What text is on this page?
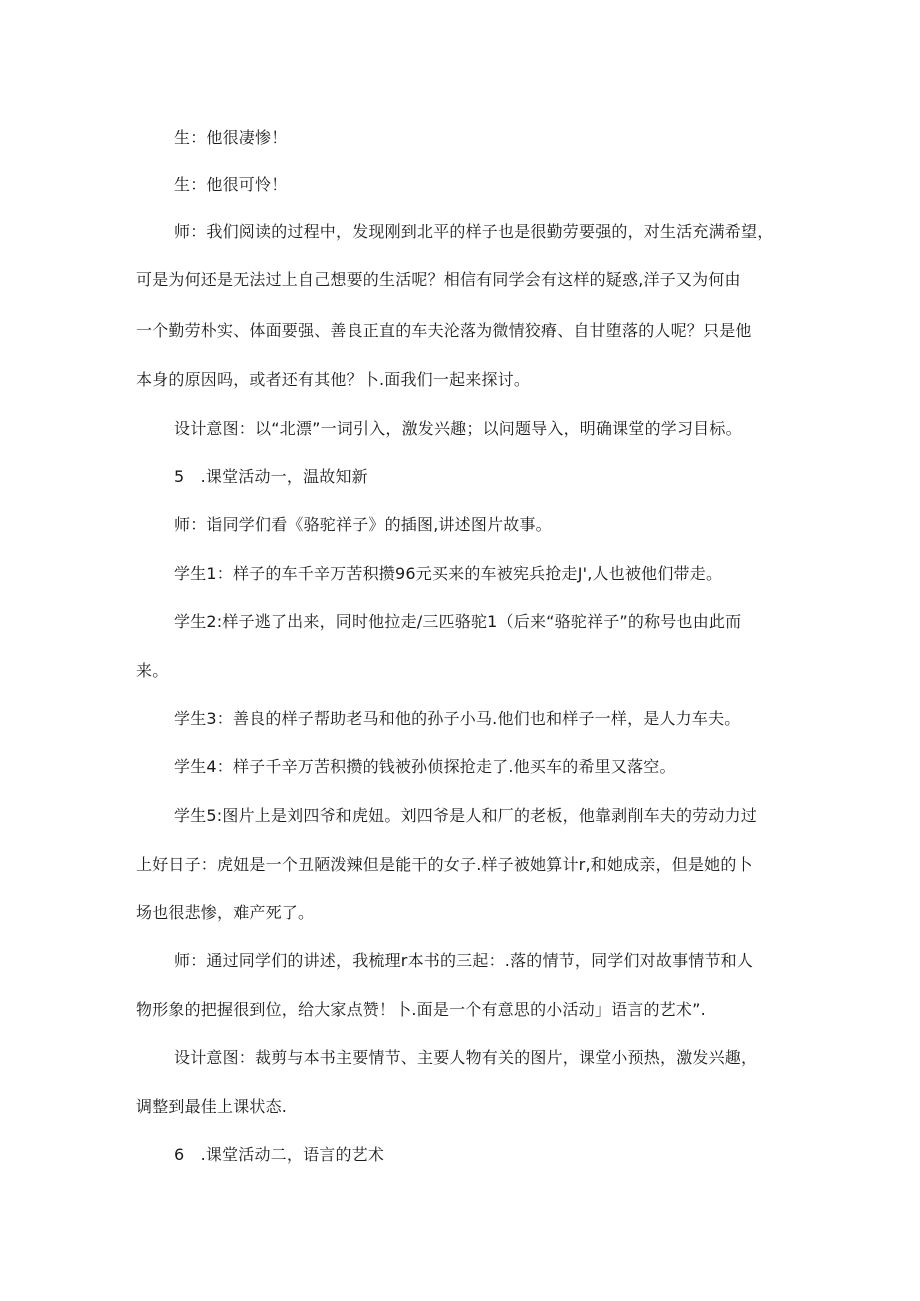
生：他很凄惨！
生：他很可怜！
师：我们阅读的过程中，发现刚到北平的样子也是很勤劳要强的，对生活充满希望，
可是为何还是无法过上自己想要的生活呢？相信有同学会有这样的疑惑,洋子又为何由
一个勤劳朴实、体面要强、善良正直的车夫沦落为微情狡瘠、自甘堕落的人呢？只是他
本身的原因吗，或者还有其他？卜.面我们一起来探讨。
设计意图：以“北漂”一词引入，激发兴趣；以问题导入，明确课堂的学习目标。
5　.课堂活动一，温故知新
师：诣同学们看《骆驼祥子》的插图,讲述图片故事。
学生1：样子的车千辛万苦积攒96元买来的车被宪兵抢走J',人也被他们带走。
学生2:样子逃了出来，同时他拉走/三匹骆驼1（后来“骆驼祥子”的称号也由此而
来。
学生3：善良的样子帮助老马和他的孙子小马.他们也和样子一样，是人力车夫。
学生4：样子千辛万苦积攒的钱被孙侦探抢走了.他买车的希里又落空。
学生5:图片上是刘四爷和虎妞。刘四爷是人和厂的老板，他靠剥削车夫的劳动力过
上好日子：虎妞是一个丑陋泼辣但是能干的女子.样子被她算计r,和她成亲，但是她的卜
场也很悲惨，难产死了。
师：通过同学们的讲述，我梳理r本书的三起：.落的情节，同学们对故事情节和人
物形象的把握很到位，给大家点赞！卜.面是一个有意思的小活动」语言的艺术”.
设计意图：裁剪与本书主要情节、主要人物有关的图片，课堂小预热，激发兴趣，
调整到最佳上课状态.
6　.课堂活动二，语言的艺术
